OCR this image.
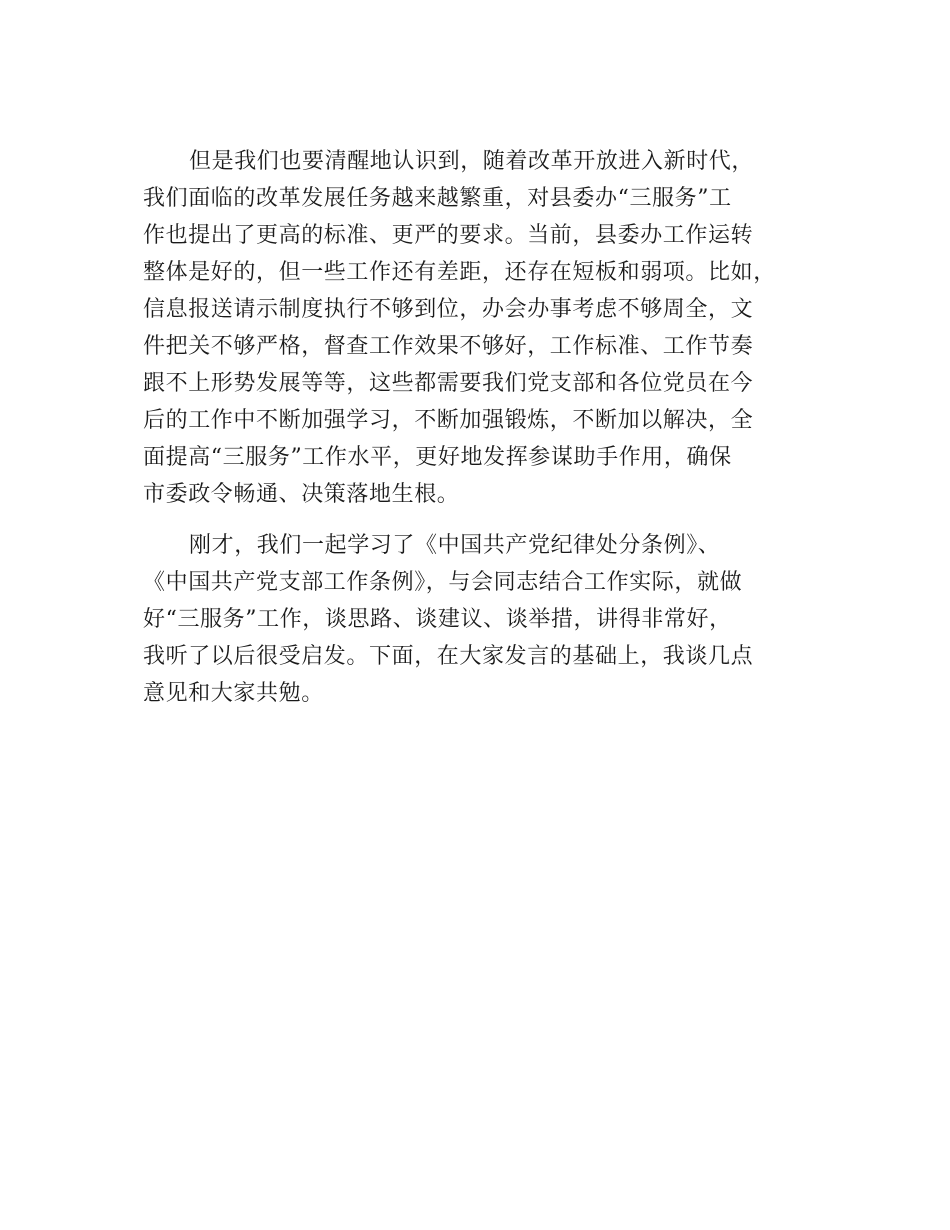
但是我们也要清醒地认识到，随着改革开放进入新时代，
我们面临的改革发展任务越来越繁重，对县委办“三服务”工
作也提出了更高的标准、更严的要求。当前，县委办工作运转
整体是好的，但一些工作还有差距，还存在短板和弱项。比如，
信息报送请示制度执行不够到位，办会办事考虑不够周全，文
件把关不够严格，督查工作效果不够好，工作标准、工作节奏
跟不上形势发展等等，这些都需要我们党支部和各位党员在今
后的工作中不断加强学习，不断加强锻炼，不断加以解决，全
面提高“三服务”工作水平，更好地发挥参谋助手作用，确保
市委政令畅通、决策落地生根。
刚才，我们一起学习了《中国共产党纪律处分条例》、
《中国共产党支部工作条例》，与会同志结合工作实际，就做
好“三服务”工作，谈思路、谈建议、谈举措，讲得非常好，
我听了以后很受启发。下面，在大家发言的基础上，我谈几点
意见和大家共勉。
